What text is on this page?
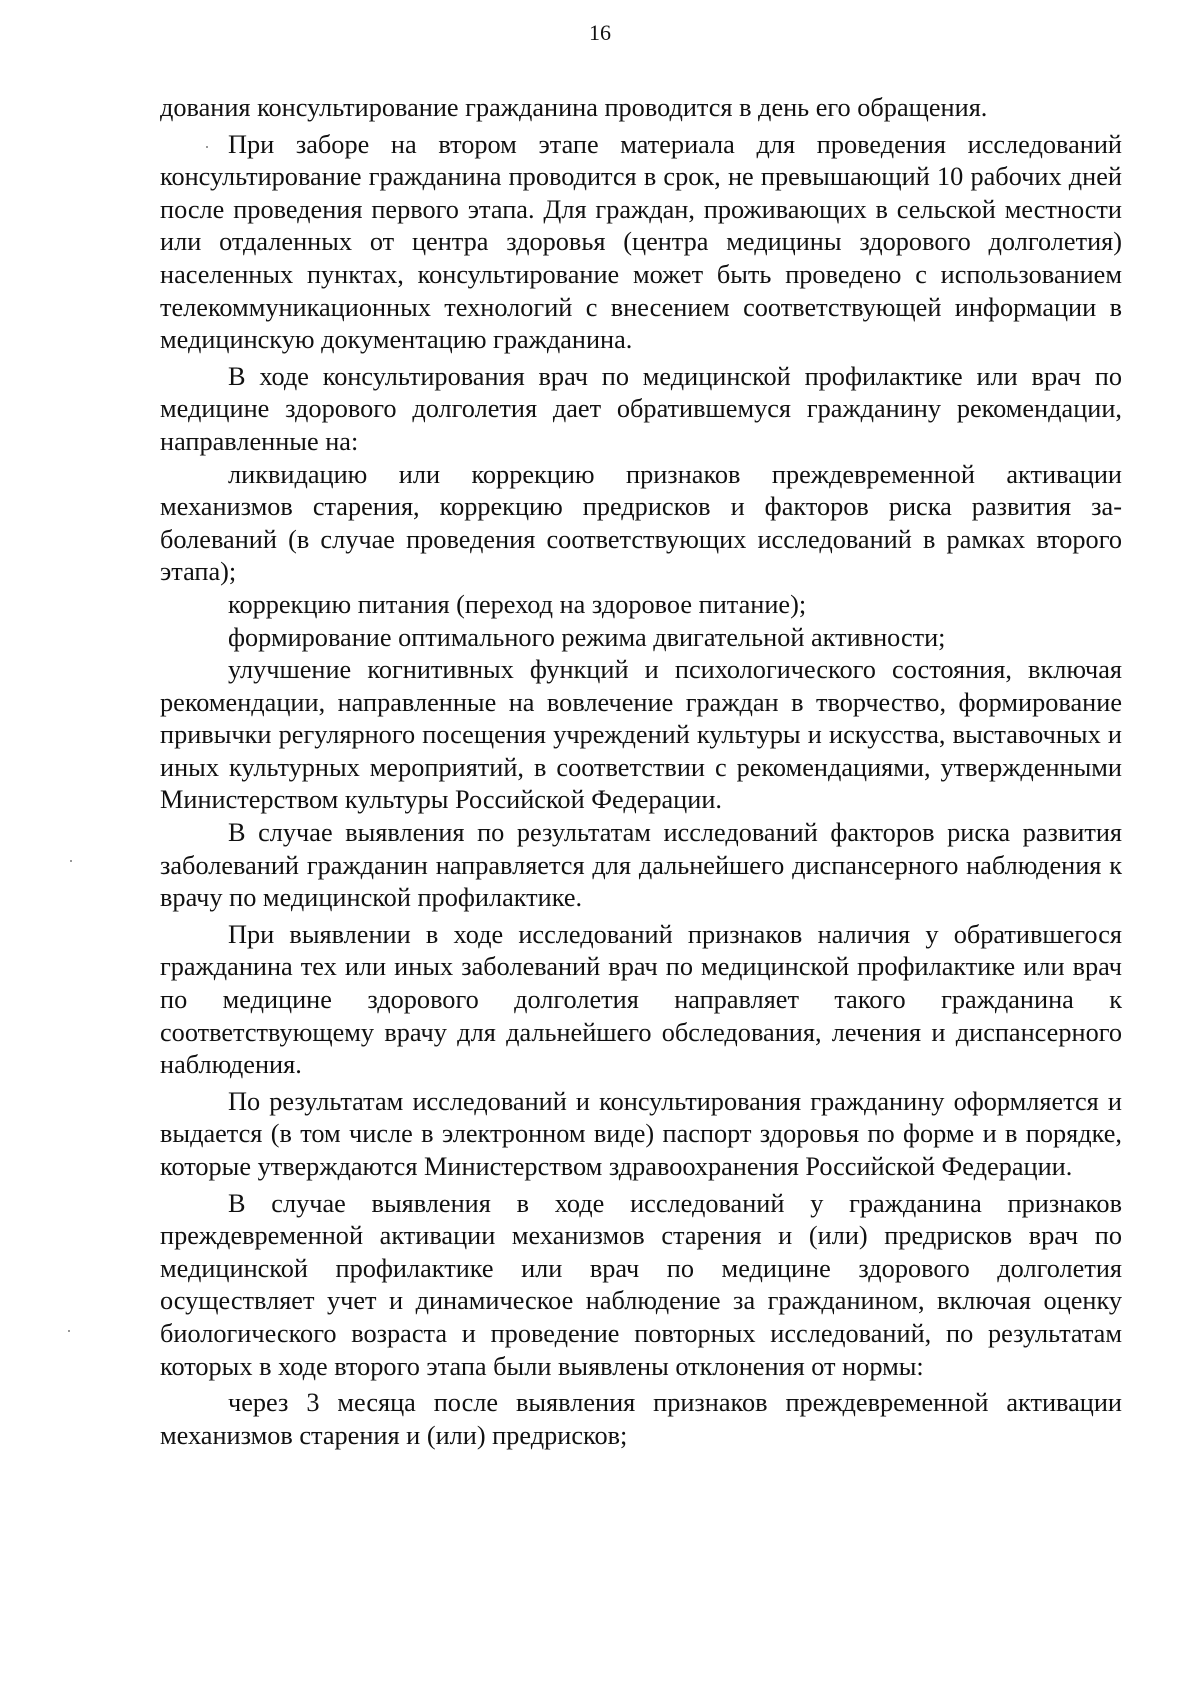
16

дования консультирование гражданина проводится в день его обращения.

При заборе на втором этапе материала для проведения исследований консультирование гражданина проводится в срок, не превышающий 10 рабочих дней после проведения первого этапа. Для граждан, проживающих в сельской местности или отдаленных от центра здоровья (центра медицины здорового долголетия) населенных пунктах, консультирование может быть проведено с использованием телекоммуникационных технологий с внесением соответствующей информации в медицинскую документацию гражданина.

В ходе консультирования врач по медицинской профилактике или врач по медицине здорового долголетия дает обратившемуся гражданину рекомендации, направленные на:

ликвидацию или коррекцию признаков преждевременной активации механизмов старения, коррекцию предрисков и факторов риска развития заболеваний (в случае проведения соответствующих исследований в рамках второго этапа);

коррекцию питания (переход на здоровое питание);

формирование оптимального режима двигательной активности;

улучшение когнитивных функций и психологического состояния, включая рекомендации, направленные на вовлечение граждан в творчество, формирование привычки регулярного посещения учреждений культуры и искусства, выставочных и иных культурных мероприятий, в соответствии с рекомендациями, утвержденными Министерством культуры Российской Федерации.

В случае выявления по результатам исследований факторов риска развития заболеваний гражданин направляется для дальнейшего диспансерного наблюдения к врачу по медицинской профилактике.

При выявлении в ходе исследований признаков наличия у обратившегося гражданина тех или иных заболеваний врач по медицинской профилактике или врач по медицине здорового долголетия направляет такого гражданина к соответствующему врачу для дальнейшего обследования, лечения и диспансерного наблюдения.

По результатам исследований и консультирования гражданину оформляется и выдается (в том числе в электронном виде) паспорт здоровья по форме и в порядке, которые утверждаются Министерством здравоохранения Российской Федерации.

В случае выявления в ходе исследований у гражданина признаков преждевременной активации механизмов старения и (или) предрисков врач по медицинской профилактике или врач по медицине здорового долголетия осуществляет учет и динамическое наблюдение за гражданином, включая оценку биологического возраста и проведение повторных исследований, по результатам которых в ходе второго этапа были выявлены отклонения от нормы:

через 3 месяца после выявления признаков преждевременной активации механизмов старения и (или) предрисков;
